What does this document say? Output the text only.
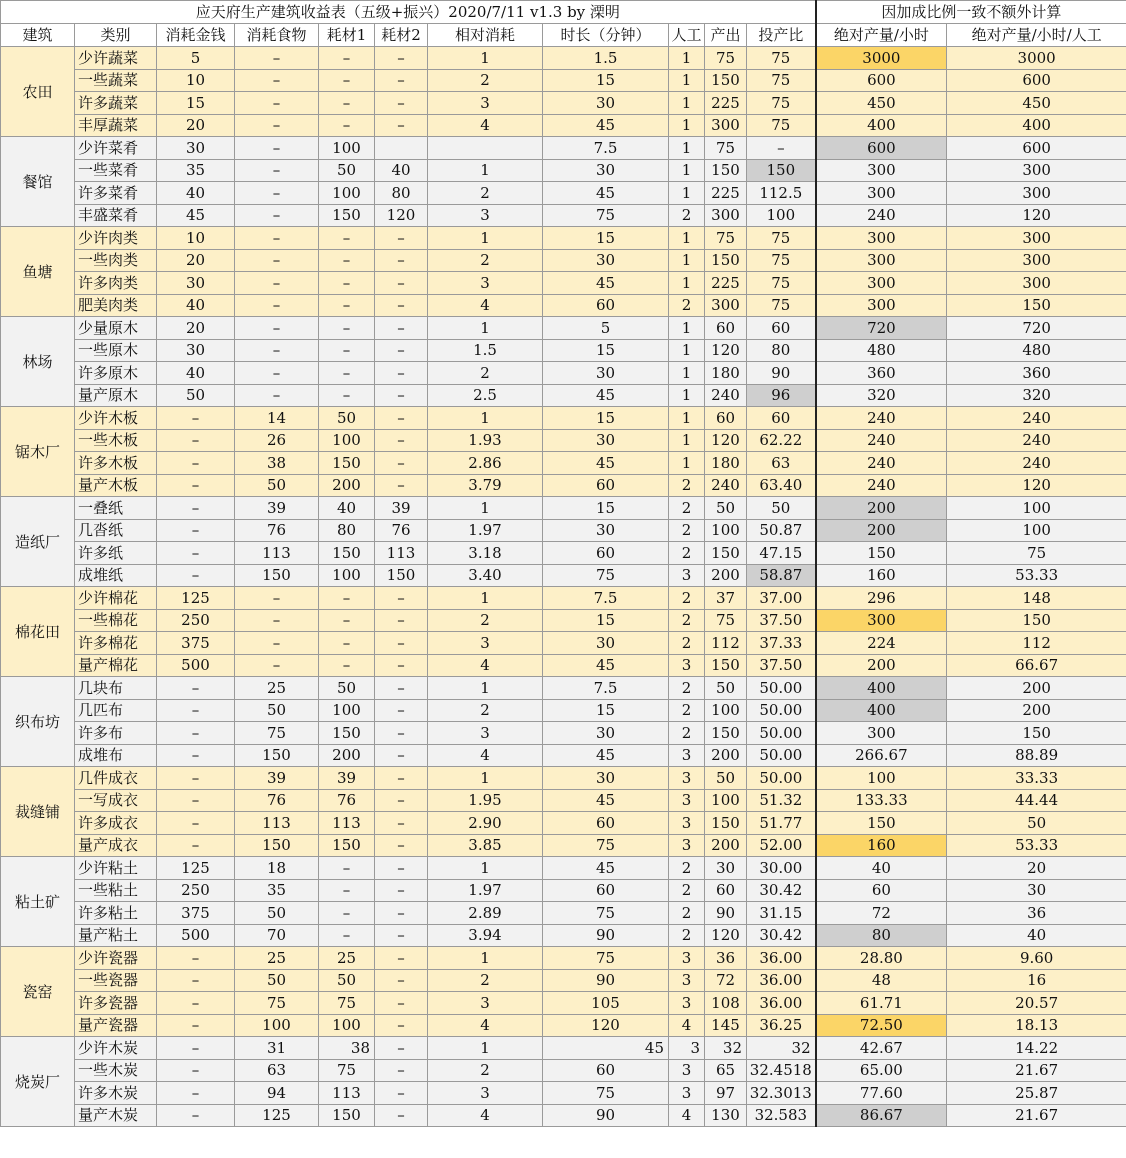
应天府生产建筑收益表（五级+振兴）2020/7/11 v1.3 by 溧明											因加成比例一致不额外计算	
建筑	类别	消耗金钱	消耗食物	耗材1	耗材2	相对消耗	时长（分钟）	人工	产出	投产比	绝对产量/小时	绝对产量/小时/人工
农田	少许蔬菜	5	–	–	–	1	1.5	1	75	75	3000	3000
	一些蔬菜	10	–	–	–	2	15	1	150	75	600	600
	许多蔬菜	15	–	–	–	3	30	1	225	75	450	450
	丰厚蔬菜	20	–	–	–	4	45	1	300	75	400	400
餐馆	少许菜肴	30	–	100			7.5	1	75	–	600	600
	一些菜肴	35	–	50	40	1	30	1	150	150	300	300
	许多菜肴	40	–	100	80	2	45	1	225	112.5	300	300
	丰盛菜肴	45	–	150	120	3	75	2	300	100	240	120
鱼塘	少许肉类	10	–	–	–	1	15	1	75	75	300	300
	一些肉类	20	–	–	–	2	30	1	150	75	300	300
	许多肉类	30	–	–	–	3	45	1	225	75	300	300
	肥美肉类	40	–	–	–	4	60	2	300	75	300	150
林场	少量原木	20	–	–	–	1	5	1	60	60	720	720
	一些原木	30	–	–	–	1.5	15	1	120	80	480	480
	许多原木	40	–	–	–	2	30	1	180	90	360	360
	量产原木	50	–	–	–	2.5	45	1	240	96	320	320
锯木厂	少许木板	–	14	50	–	1	15	1	60	60	240	240
	一些木板	–	26	100	–	1.93	30	1	120	62.22	240	240
	许多木板	–	38	150	–	2.86	45	1	180	63	240	240
	量产木板	–	50	200	–	3.79	60	2	240	63.40	240	120
造纸厂	一叠纸	–	39	40	39	1	15	2	50	50	200	100
	几沓纸	–	76	80	76	1.97	30	2	100	50.87	200	100
	许多纸	–	113	150	113	3.18	60	2	150	47.15	150	75
	成堆纸	–	150	100	150	3.40	75	3	200	58.87	160	53.33
棉花田	少许棉花	125	–	–	–	1	7.5	2	37	37.00	296	148
	一些棉花	250	–	–	–	2	15	2	75	37.50	300	150
	许多棉花	375	–	–	–	3	30	2	112	37.33	224	112
	量产棉花	500	–	–	–	4	45	3	150	37.50	200	66.67
织布坊	几块布	–	25	50	–	1	7.5	2	50	50.00	400	200
	几匹布	–	50	100	–	2	15	2	100	50.00	400	200
	许多布	–	75	150	–	3	30	2	150	50.00	300	150
	成堆布	–	150	200	–	4	45	3	200	50.00	266.67	88.89
裁缝铺	几件成衣	–	39	39	–	1	30	3	50	50.00	100	33.33
	一写成衣	–	76	76	–	1.95	45	3	100	51.32	133.33	44.44
	许多成衣	–	113	113	–	2.90	60	3	150	51.77	150	50
	量产成衣	–	150	150	–	3.85	75	3	200	52.00	160	53.33
粘土矿	少许粘土	125	18	–	–	1	45	2	30	30.00	40	20
	一些粘土	250	35	–	–	1.97	60	2	60	30.42	60	30
	许多粘土	375	50	–	–	2.89	75	2	90	31.15	72	36
	量产粘土	500	70	–	–	3.94	90	2	120	30.42	80	40
瓷窑	少许瓷器	–	25	25	–	1	75	3	36	36.00	28.80	9.60
	一些瓷器	–	50	50	–	2	90	3	72	36.00	48	16
	许多瓷器	–	75	75	–	3	105	3	108	36.00	61.71	20.57
	量产瓷器	–	100	100	–	4	120	4	145	36.25	72.50	18.13
烧炭厂	少许木炭	–	31	38	–	1	45	3	32	32	42.67	14.22
	一些木炭	–	63	75	–	2	60	3	65	32.4518	65.00	21.67
	许多木炭	–	94	113	–	3	75	3	97	32.3013	77.60	25.87
	量产木炭	–	125	150	–	4	90	4	130	32.583	86.67	21.67
